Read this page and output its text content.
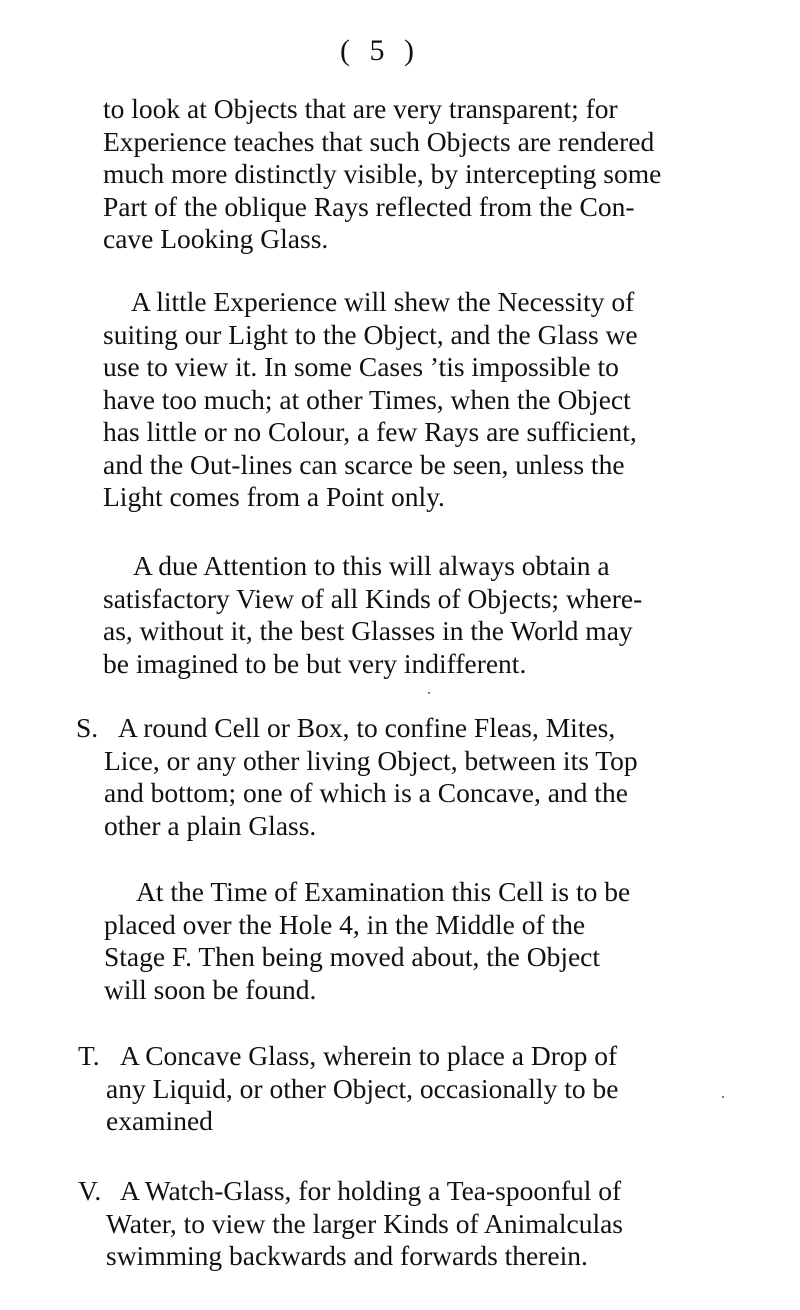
( 5 )
to look at Objects that are very transparent; for
Experience teaches that such Objects are rendered
much more distinctly visible, by intercepting some
Part of the oblique Rays reflected from the Con-
cave Looking Glass.
A little Experience will shew the Necessity of
suiting our Light to the Object, and the Glass we
use to view it. In some Cases ’tis impossible to
have too much; at other Times, when the Object
has little or no Colour, a few Rays are sufficient,
and the Out-lines can scarce be seen, unless the
Light comes from a Point only.
A due Attention to this will always obtain a
satisfactory View of all Kinds of Objects; where-
as, without it, the best Glasses in the World may
be imagined to be but very indifferent.
S. A round Cell or Box, to confine Fleas, Mites,
Lice, or any other living Object, between its Top
and bottom; one of which is a Concave, and the
other a plain Glass.
At the Time of Examination this Cell is to be
placed over the Hole 4, in the Middle of the
Stage F. Then being moved about, the Object
will soon be found.
T. A Concave Glass, wherein to place a Drop of
any Liquid, or other Object, occasionally to be
examined
V. A Watch-Glass, for holding a Tea-spoonful of
Water, to view the larger Kinds of Animalculas
swimming backwards and forwards therein.
